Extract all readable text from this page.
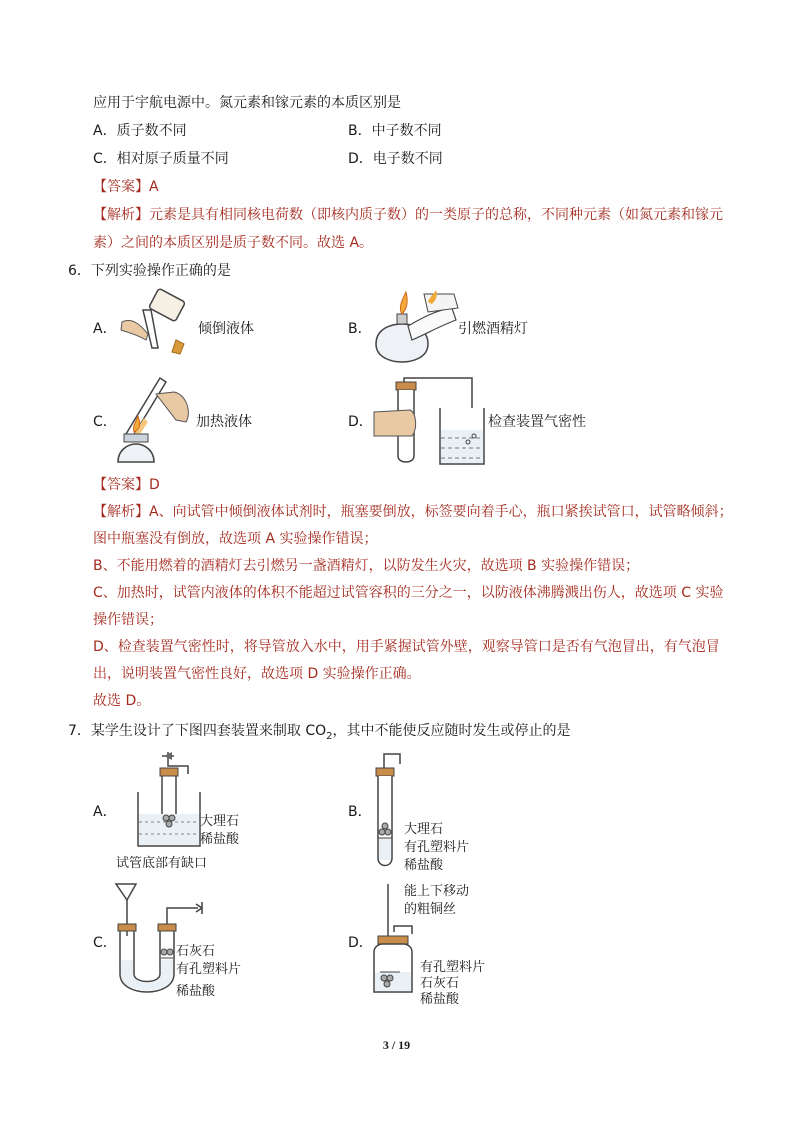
应用于宇航电源中。氮元素和镓元素的本质区别是
A．质子数不同	B．中子数不同
C．相对原子质量不同	D．电子数不同
【答案】A
【解析】元素是具有相同核电荷数（即核内质子数）的一类原子的总称，不同种元素（如氮元素和镓元
素）之间的本质区别是质子数不同。故选 A。
6．下列实验操作正确的是
A．	倾倒液体	B．	引燃酒精灯
C．	加热液体	D．	检查装置气密性
【答案】D
【解析】A、向试管中倾倒液体试剂时，瓶塞要倒放，标签要向着手心，瓶口紧挨试管口，试管略倾斜；
图中瓶塞没有倒放，故选项 A 实验操作错误；
B、不能用燃着的酒精灯去引燃另一盏酒精灯，以防发生火灾，故选项 B 实验操作错误；
C、加热时，试管内液体的体积不能超过试管容积的三分之一，以防液体沸腾溅出伤人，故选项 C 实验
操作错误；
D、检查装置气密性时，将导管放入水中，用手紧握试管外壁，观察导管口是否有气泡冒出，有气泡冒
出，说明装置气密性良好，故选项 D 实验操作正确。
故选 D。
7．某学生设计了下图四套装置来制取 $CO_2$，其中不能使反应随时发生或停止的是
A．
大理石
稀盐酸
试管底部有缺口
B．
大理石
有孔塑料片
稀盐酸
C．
石灰石
有孔塑料片
稀盐酸
D．
能上下移动
的粗铜丝
有孔塑料片
石灰石
稀盐酸
3 / 19
